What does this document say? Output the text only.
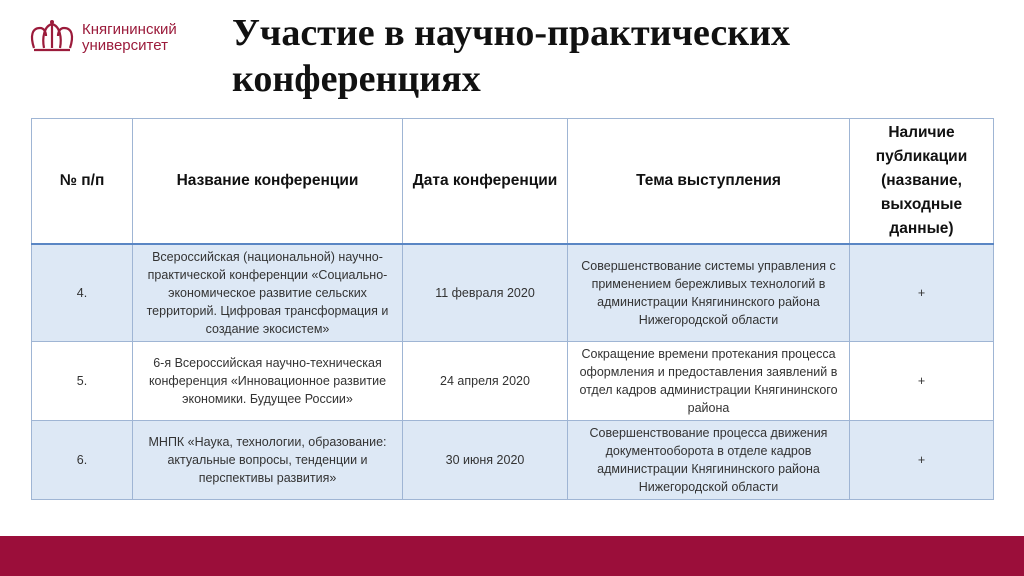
Княгининский
университет Участие в научно-практических конференциях
№ п/п	Название конференции	Дата конференции	Тема выступления	Наличие публикации (название, выходные данные)
4.	Всероссийская (национальной) научно-практической конференции «Социально-экономическое развитие сельских территорий. Цифровая трансформация и создание экосистем»	11 февраля 2020	Совершенствование системы управления с применением бережливых технологий в администрации Княгининского района Нижегородской области	+
5.	6-я Всероссийская научно-техническая конференция «Инновационное развитие экономики. Будущее России»	24 апреля 2020	Сокращение времени протекания процесса оформления и предоставления заявлений в отдел кадров администрации Княгининского района	+
6.	МНПК «Наука, технологии, образование: актуальные вопросы, тенденции и перспективы развития»	30 июня 2020	Совершенствование процесса движения документооборота в отделе кадров администрации Княгининского района Нижегородской области	+
